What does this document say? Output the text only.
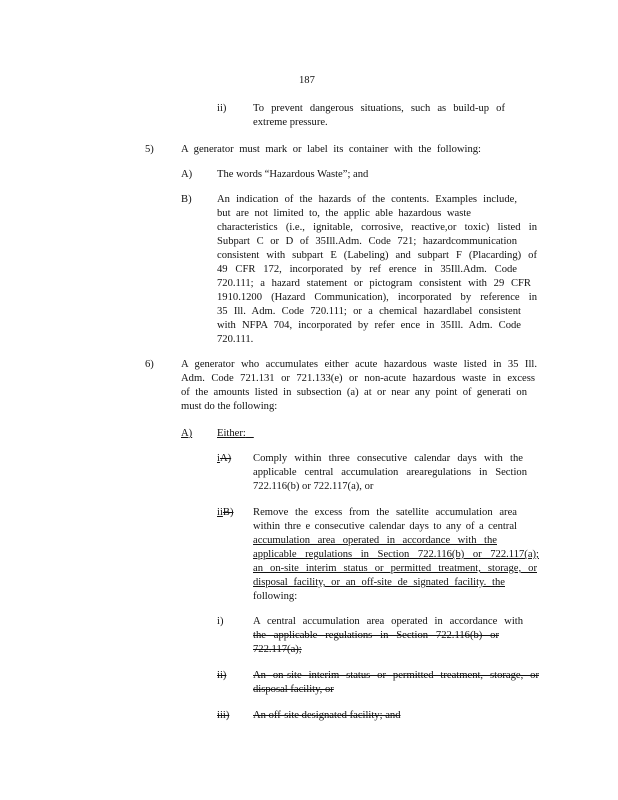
187
ii)	To prevent dangerous situations, such as build-up of
extreme pressure.
5)	A generator must mark or label its container with the following:
A) The words “Hazardous Waste”; and
B) An indication of the hazards of the contents. Examples include,
but are not limited to, the applic able hazardous waste
characteristics (i.e., ignitable, corrosive, reactive,or toxic) listed in
Subpart C or D of 35Ill.Adm. Code 721; hazardcommunication
consistent with subpart E (Labeling) and subpart F (Placarding) of
49 CFR 172, incorporated by ref erence in 35Ill.Adm. Code
720.111; a hazard statement or pictogram consistent with 29 CFR
1910.1200 (Hazard Communication), incorporated by reference in
35 Ill. Adm. Code 720.111; or a chemical hazardlabel consistent
with NFPA 704, incorporated by refer ence in 35Ill. Adm. Code
720.111.
6)	A generator who accumulates either acute hazardous waste listed in 35 Ill.
Adm. Code 721.131 or 721.133(e) or non-acute hazardous waste in excess
of the amounts listed in subsection (a) at or near any point of generati on
must do the following:
A) Either:
iA) Comply within three consecutive calendar days with the
applicable central accumulation arearegulations in Section
722.116(b) or 722.117(a), or
iiB) Remove the excess from the satellite accumulation area
within thre e consecutive calendar days to any of a central
accumulation area operated in accordance with the
applicable regulations in Section 722.116(b) or 722.117(a);
an on-site interim status or permitted treatment, storage, or
disposal facility, or an off-site de signated facility. the
following:
i)	A central accumulation area operated in accordance with
the applicable regulations in Section 722.116(b) or
722.117(a);
ii)	An on-site interim status or permitted treatment, storage, or
disposal facility, or
iii) An off-site designated facility; and
